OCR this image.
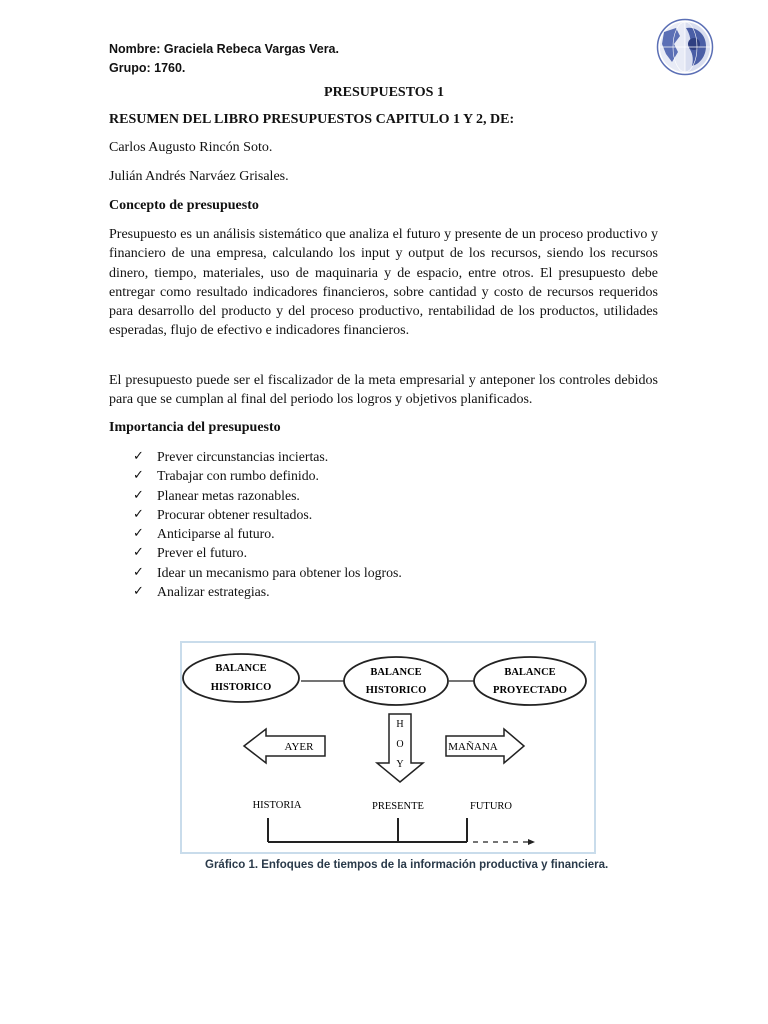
Nombre: Graciela Rebeca Vargas Vera.
Grupo: 1760.
PRESUPUESTOS 1
RESUMEN DEL LIBRO PRESUPUESTOS CAPITULO 1 Y 2, DE:
Carlos Augusto Rincón Soto.
Julián Andrés Narváez Grisales.
Concepto de presupuesto

Presupuesto es un análisis sistemático que analiza el futuro y presente de un proceso productivo y financiero de una empresa, calculando los input y output de los recursos, siendo los recursos dinero, tiempo, materiales, uso de maquinaria y de espacio, entre otros. El presupuesto debe entregar como resultado indicadores financieros, sobre cantidad y costo de recursos requeridos para desarrollo del producto y del proceso productivo, rentabilidad de los productos, utilidades esperadas, flujo de efectivo e indicadores financieros.

El presupuesto puede ser el fiscalizador de la meta empresarial y anteponer los controles debidos para que se cumplan al final del periodo los logros y objetivos planificados.

Importancia del presupuesto
✓ Prever circunstancias inciertas.
✓ Trabajar con rumbo definido.
✓ Planear metas razonables.
✓ Procurar obtener resultados.
✓ Anticiparse al futuro.
✓ Prever el futuro.
✓ Idear un mecanismo para obtener los logros.
✓ Analizar estrategias.
BALANCE
HISTORICO
BALANCE
HISTORICO
BALANCE
PROYECTADO
AYER	MAÑANA
H
O
Y
HISTORIA	PRESENTE	FUTURO
Gráfico 1. Enfoques de tiempos de la información productiva y financiera.
